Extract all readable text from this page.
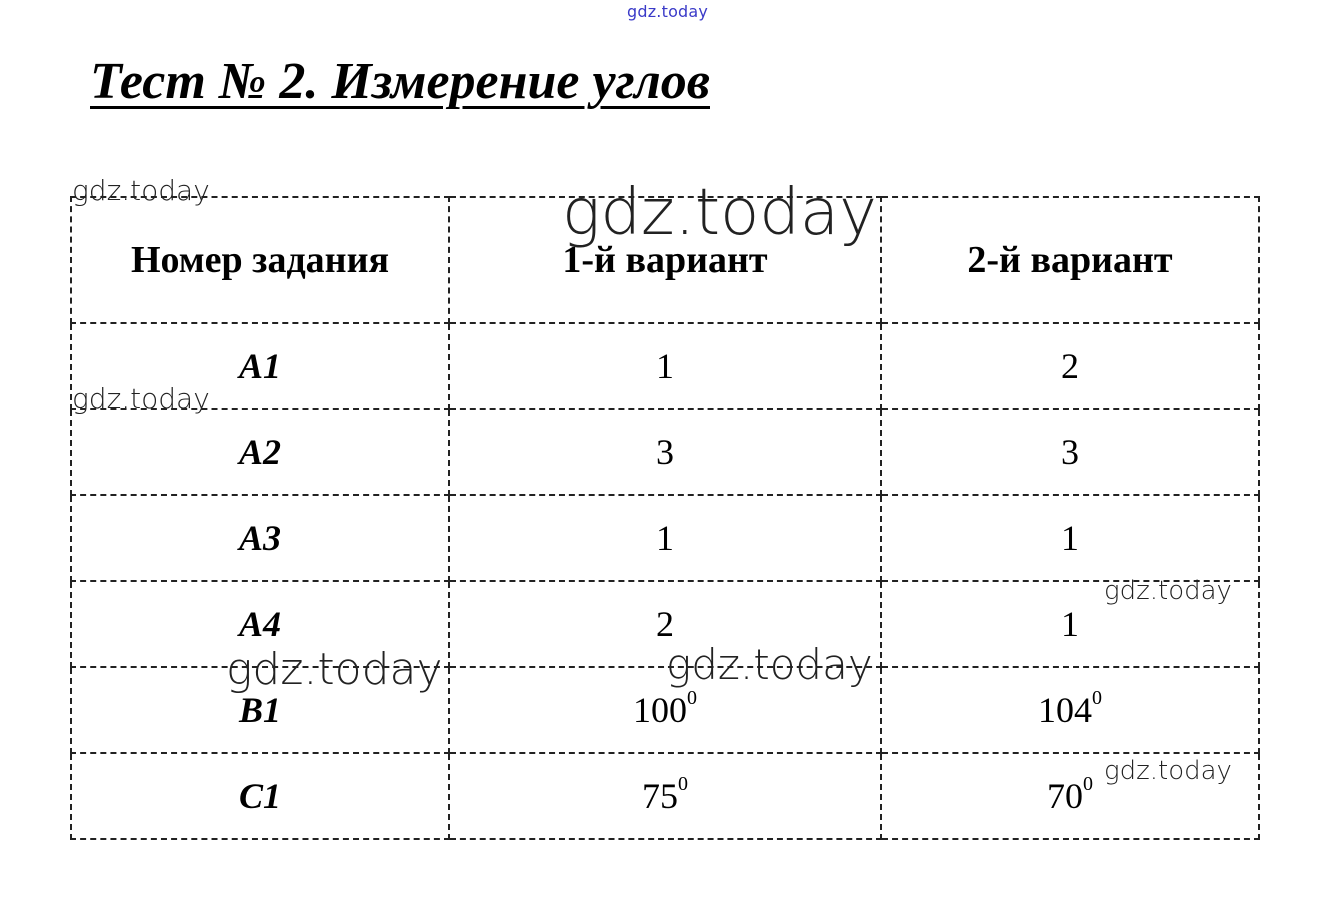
gdz.today
Тест № 2. Измерение углов
Номер задания	1-й вариант	2-й вариант
A1	1	2
A2	3	3
A3	1	1
A4	2	1
B1	$100^0$	$104^0$
C1	$75^0$	$70^0$
gdz.today	gdz.today
gdz.today
gdz.today
gdz.today	gdz.today
gdz.today
